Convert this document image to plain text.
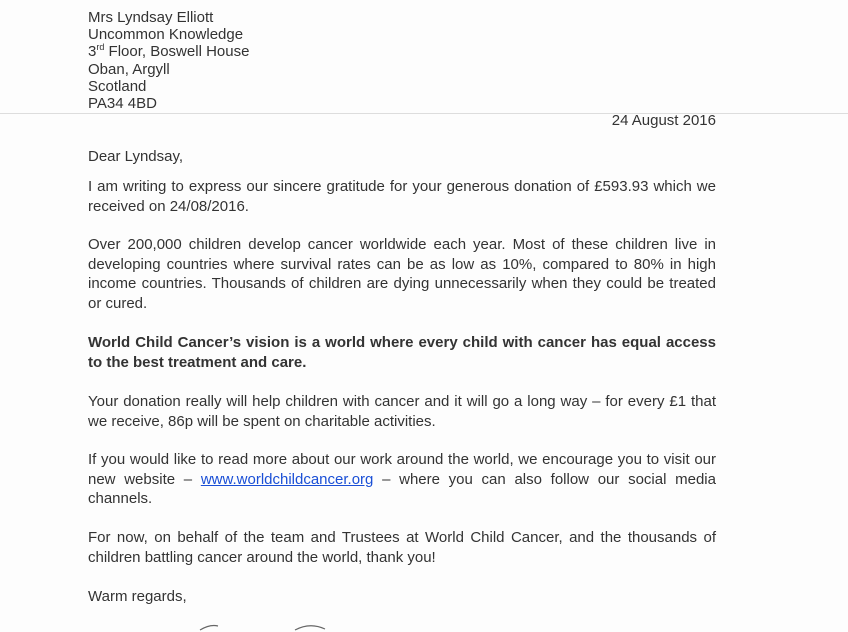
Mrs Lyndsay Elliott
Uncommon Knowledge
3rd Floor, Boswell House
Oban, Argyll
Scotland
PA34 4BD
24 August 2016
Dear Lyndsay,
I am writing to express our sincere gratitude for your generous donation of £593.93 which we received on 24/08/2016.
Over 200,000 children develop cancer worldwide each year. Most of these children live in developing countries where survival rates can be as low as 10%, compared to 80% in high income countries. Thousands of children are dying unnecessarily when they could be treated or cured.
World Child Cancer’s vision is a world where every child with cancer has equal access to the best treatment and care.
Your donation really will help children with cancer and it will go a long way – for every £1 that we receive, 86p will be spent on charitable activities.
If you would like to read more about our work around the world, we encourage you to visit our new website – www.worldchildcancer.org – where you can also follow our social media channels.
For now, on behalf of the team and Trustees at World Child Cancer, and the thousands of children battling cancer around the world, thank you!
Warm regards,
